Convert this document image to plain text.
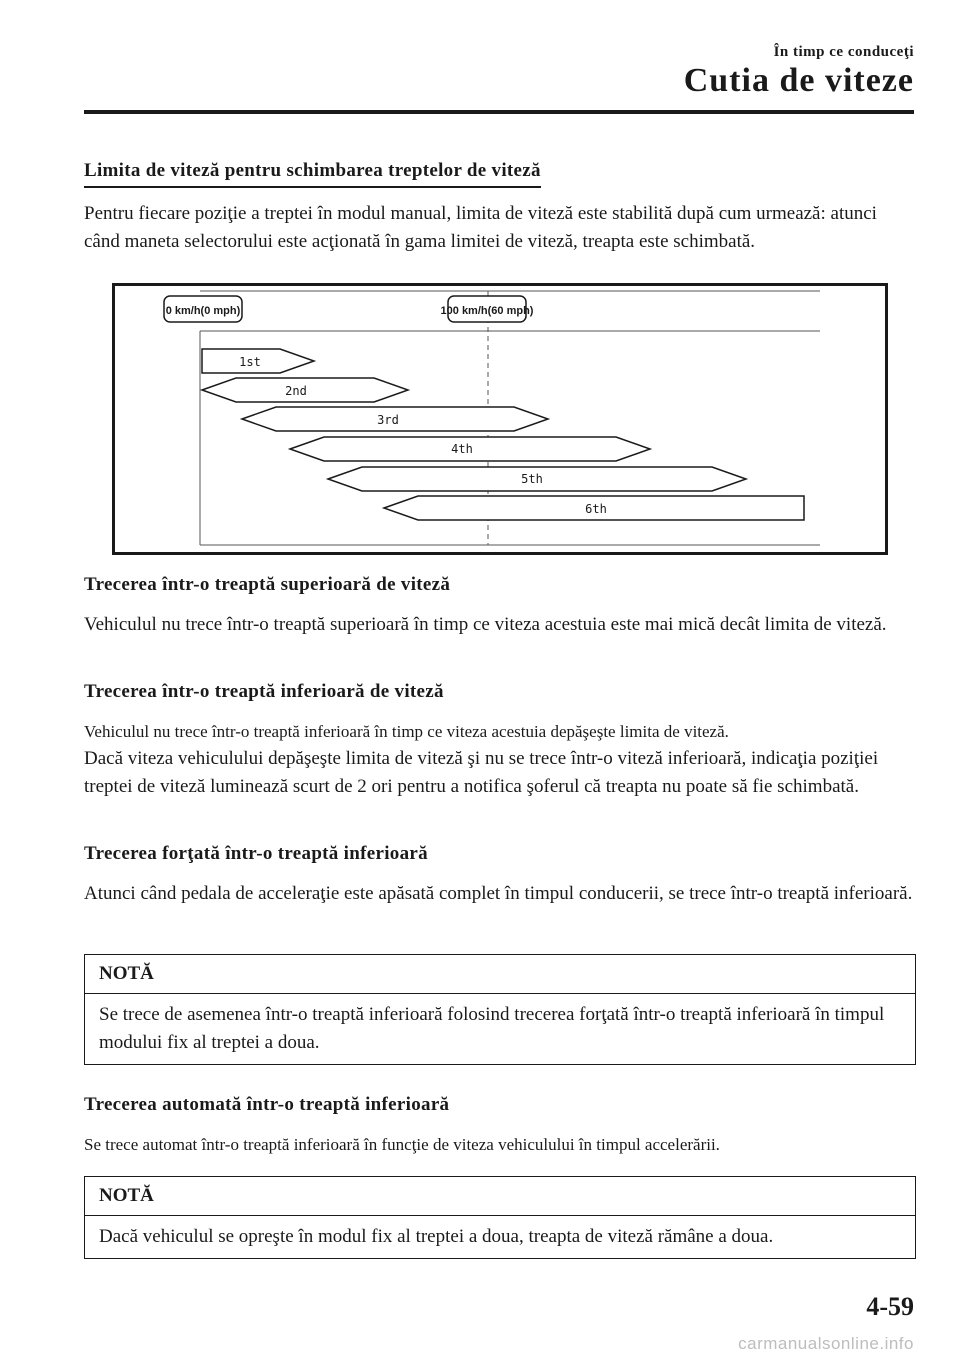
În timp ce conduceţi
Cutia de viteze
Limita de viteză pentru schimbarea treptelor de viteză
Pentru fiecare poziţie a treptei în modul manual, limita de viteză este stabilită după cum urmează: atunci când maneta selectorului este acţionată în gama limitei de viteză, treapta este schimbată.
0 km/h(0 mph)	100 km/h(60 mph)
1st
2nd
3rd
4th
5th
6th
Trecerea într-o treaptă superioară de viteză
Vehiculul nu trece într-o treaptă superioară în timp ce viteza acestuia este mai mică decât limita de viteză.
Trecerea într-o treaptă inferioară de viteză
Vehiculul nu trece într-o treaptă inferioară în timp ce viteza acestuia depăşeşte limita de viteză.
Dacă viteza vehiculului depăşeşte limita de viteză şi nu se trece într-o viteză inferioară, indicaţia poziţiei treptei de viteză luminează scurt de 2 ori pentru a notifica şoferul că treapta nu poate să fie schimbată.
Trecerea forţată într-o treaptă inferioară
Atunci când pedala de acceleraţie este apăsată complet în timpul conducerii, se trece într-o treaptă inferioară.
NOTĂ
Se trece de asemenea într-o treaptă inferioară folosind trecerea forţată într-o treaptă inferioară în timpul modului fix al treptei a doua.
Trecerea automată într-o treaptă inferioară
Se trece automat într-o treaptă inferioară în funcţie de viteza vehiculului în timpul accelerării.
NOTĂ
Dacă vehiculul se opreşte în modul fix al treptei a doua, treapta de viteză rămâne a doua.
4-59
carmanualsonline.info
